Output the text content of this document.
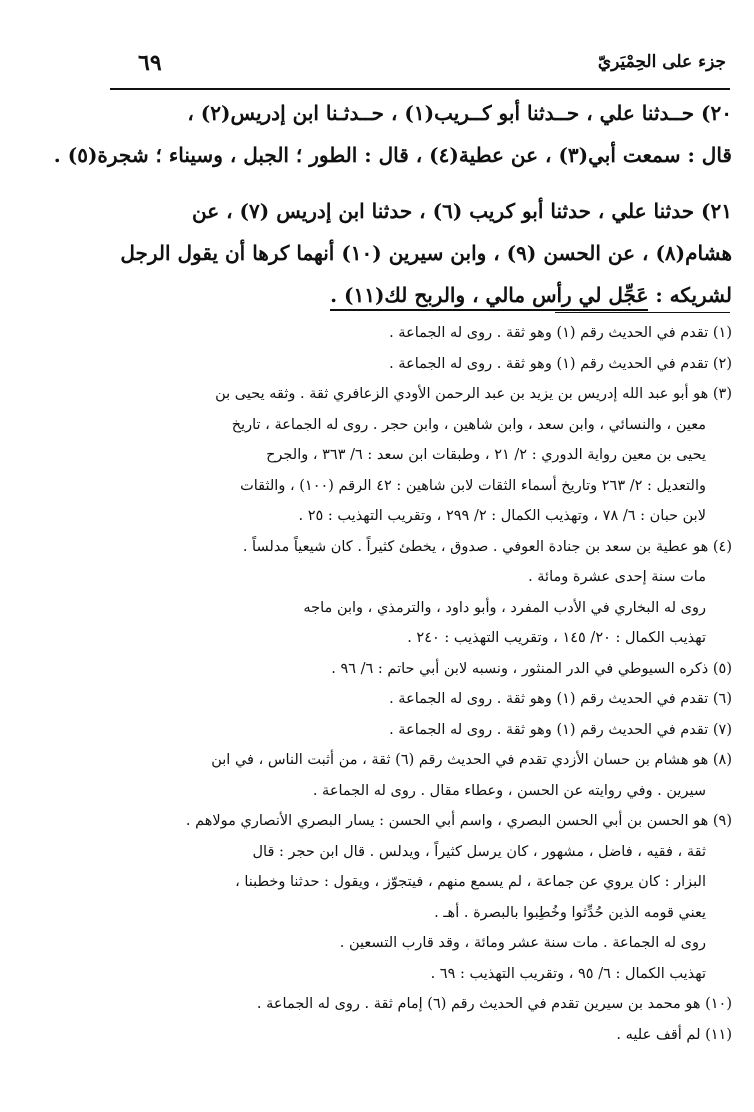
٦٩	جزء على الحِمْيَريّ

٢٠) حــدثنا علي ، حــدثنا أبو كــريب(١) ، حــدثـنا ابن إدريس(٢) ،
قال : سمعت أبي(٣) ، عن عطية(٤) ، قال : الطور ؛ الجبل ، وسيناء ؛ شجرة(٥) .

٢١) حدثنا علي ، حدثنا أبو كريب (٦) ، حدثنا ابن إدريس (٧) ، عن
هشام(٨) ، عن الحسن (٩) ، وابن سيرين (١٠) أنهما كرها أن يقول الرجل
لشريكه : عَجِّل لي رأس مالي ، والربح لك(١١) .

(١) تقدم في الحديث رقم (١) وهو ثقة . روى له الجماعة .

(٢) تقدم في الحديث رقم (١) وهو ثقة . روى له الجماعة .

(٣) هو أبو عبد الله إدريس بن يزيد بن عبد الرحمن الأودي الزعافري ثقة . وثقه يحيى بن
معين ، والنسائي ، وابن سعد ، وابن شاهين ، وابن حجر . روى له الجماعة ، تاريخ
يحيى بن معين رواية الدوري : ٢/ ٢١ ، وطبقات ابن سعد : ٦/ ٣٦٣ ، والجرح
والتعديل : ٢/ ٢٦٣ وتاريخ أسماء الثقات لابن شاهين : ٤٢ الرقم (١٠٠) ، والثقات
لابن حبان : ٦/ ٧٨ ، وتهذيب الكمال : ٢/ ٢٩٩ ، وتقريب التهذيب : ٢٥ .

(٤) هو عطية بن سعد بن جنادة العوفي . صدوق ، يخطئ كثيراً . كان شيعياً مدلساً .
مات سنة إحدى عشرة ومائة .
روى له البخاري في الأدب المفرد ، وأبو داود ، والترمذي ، وابن ماجه
تهذيب الكمال : ٢٠/ ١٤٥ ، وتقريب التهذيب : ٢٤٠ .

(٥) ذكره السيوطي في الدر المنثور ، ونسبه لابن أبي حاتم : ٦/ ٩٦ .

(٦) تقدم في الحديث رقم (١) وهو ثقة . روى له الجماعة .

(٧) تقدم في الحديث رقم (١) وهو ثقة . روى له الجماعة .

(٨) هو هشام بن حسان الأزدي تقدم في الحديث رقم (٦) ثقة ، من أثبت الناس ، في ابن
سيرين . وفي روايته عن الحسن ، وعطاء مقال . روى له الجماعة .

(٩) هو الحسن بن أبي الحسن البصري ، واسم أبي الحسن : يسار البصري الأنصاري مولاهم .
ثقة ، فقيه ، فاضل ، مشهور ، كان يرسل كثيراً ، ويدلس . قال ابن حجر : قال
البزار : كان يروي عن جماعة ، لم يسمع منهم ، فيتجوّز ، ويقول : حدثنا وخطبنا ،
يعني قومه الذين حُدِّثوا وخُطِبوا بالبصرة . أهـ .
روى له الجماعة . مات سنة عشر ومائة ، وقد قارب التسعين .
تهذيب الكمال : ٦/ ٩٥ ، وتقريب التهذيب : ٦٩ .

(١٠) هو محمد بن سيرين تقدم في الحديث رقم (٦) إمام ثقة . روى له الجماعة .

(١١) لم أقف عليه .
